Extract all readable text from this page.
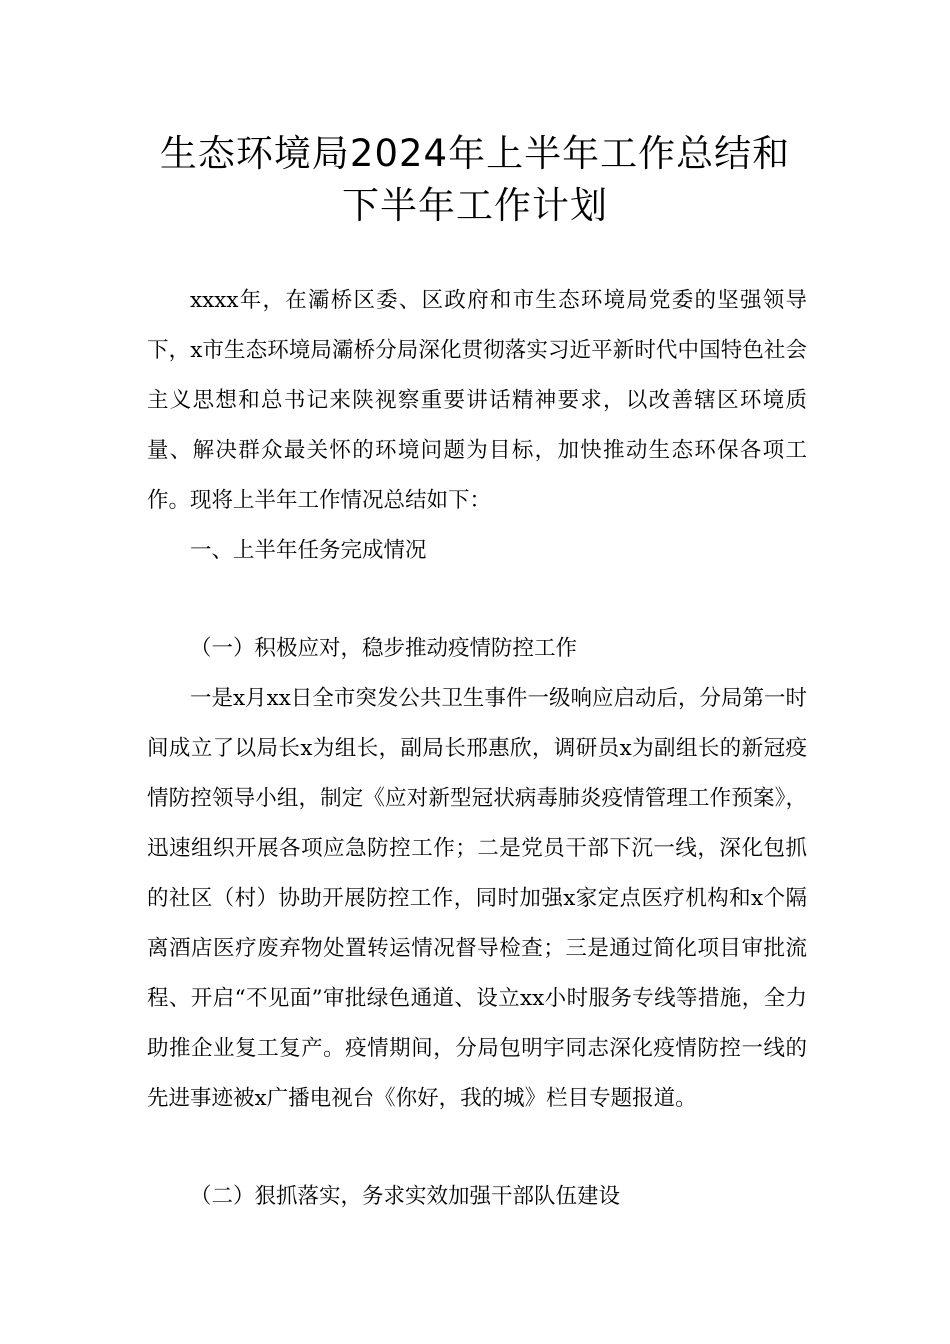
生态环境局2024年上半年工作总结和
下半年工作计划

xxxx年，在灞桥区委、区政府和市生态环境局党委的坚强领导下，x市生态环境局灞桥分局深化贯彻落实习近平新时代中国特色社会主义思想和总书记来陕视察重要讲话精神要求，以改善辖区环境质量、解决群众最关怀的环境问题为目标，加快推动生态环保各项工作。现将上半年工作情况总结如下：

一、上半年任务完成情况

（一）积极应对，稳步推动疫情防控工作

一是x月xx日全市突发公共卫生事件一级响应启动后，分局第一时间成立了以局长x为组长，副局长邢惠欣，调研员x为副组长的新冠疫情防控领导小组，制定《应对新型冠状病毒肺炎疫情管理工作预案》，迅速组织开展各项应急防控工作；二是党员干部下沉一线，深化包抓的社区（村）协助开展防控工作，同时加强x家定点医疗机构和x个隔离酒店医疗废弃物处置转运情况督导检查；三是通过简化项目审批流程、开启“不见面”审批绿色通道、设立xx小时服务专线等措施，全力助推企业复工复产。疫情期间，分局包明宇同志深化疫情防控一线的先进事迹被x广播电视台《你好，我的城》栏目专题报道。

（二）狠抓落实，务求实效加强干部队伍建设
